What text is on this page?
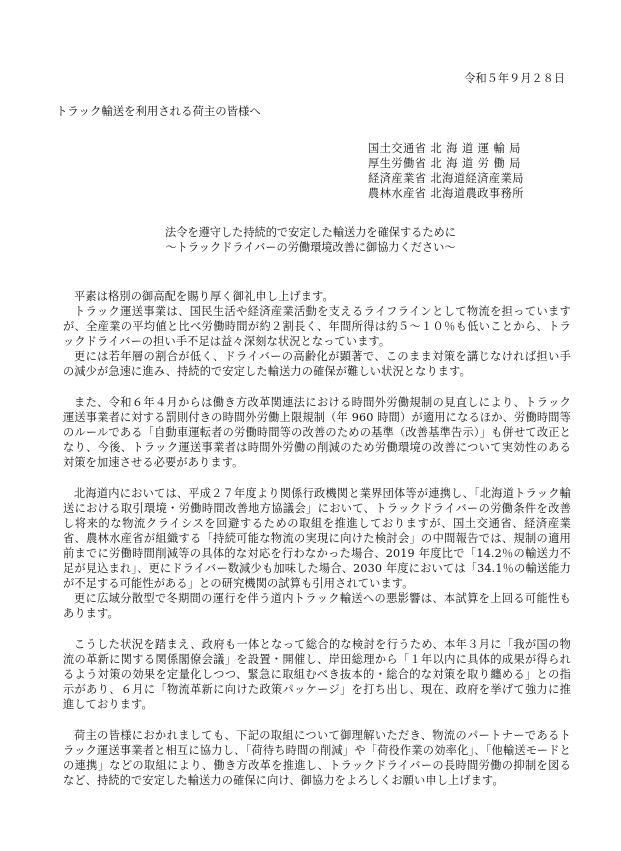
令和５年９月２８日
トラック輸送を利用される荷主の皆様へ
国土交通省 北 海 道 運 輸 局
厚生労働省 北 海 道 労 働 局
経済産業省 北海道経済産業局
農林水産省 北海道農政事務所
法令を遵守した持続的で安定した輸送力を確保するために
～トラックドライバーの労働環境改善に御協力ください～

平素は格別の御高配を賜り厚く御礼申し上げます。

トラック運送事業は、国民生活や経済産業活動を支えるライフラインとして物流を担っていますが、全産業の平均値と比べ労働時間が約２割長く、年間所得は約５～１０％も低いことから、トラックドライバーの担い手不足は益々深刻な状況となっています。

更には若年層の割合が低く、ドライバーの高齢化が顕著で、このまま対策を講じなければ担い手の減少が急速に進み、持続的で安定した輸送力の確保が難しい状況となります。

また、令和６年４月からは働き方改革関連法における時間外労働規制の見直しにより、トラック運送事業者に対する罰則付きの時間外労働上限規制（年 960 時間）が適用になるほか、労働時間等のルールである「自動車運転者の労働時間等の改善のための基準（改善基準告示）」も併せて改正となり、今後、トラック運送事業者は時間外労働の削減のため労働環境の改善について実効性のある対策を加速させる必要があります。

北海道内においては、平成２７年度より関係行政機関と業界団体等が連携し、「北海道トラック輸送における取引環境・労働時間改善地方協議会」において、トラックドライバーの労働条件を改善し将来的な物流クライシスを回避するための取組を推進しておりますが、国土交通省、経済産業省、農林水産省が組織する「持続可能な物流の実現に向けた検討会」の中間報告では、規制の適用前までに労働時間削減等の具体的な対応を行わなかった場合、2019 年度比で「14.2％の輸送力不足が見込まれ」、更にドライバー数減少も加味した場合、2030 年度においては「34.1％の輸送能力が不足する可能性がある」との研究機関の試算も引用されています。

更に広域分散型で冬期間の運行を伴う道内トラック輸送への悪影響は、本試算を上回る可能性もあります。

こうした状況を踏まえ、政府も一体となって総合的な検討を行うため、本年３月に「我が国の物流の革新に関する関係閣僚会議」を設置・開催し、岸田総理から「１年以内に具体的成果が得られるよう対策の効果を定量化しつつ、緊急に取組むべき抜本的・総合的な対策を取り纏める」との指示があり、６月に「物流革新に向けた政策パッケージ」を打ち出し、現在、政府を挙げて強力に推進しております。

荷主の皆様におかれましても、下記の取組について御理解いただき、物流のパートナーであるトラック運送事業者と相互に協力し、「荷待ち時間の削減」や「荷役作業の効率化」、「他輸送モードとの連携」などの取組により、働き方改革を推進し、トラックドライバーの長時間労働の抑制を図るなど、持続的で安定した輸送力の確保に向け、御協力をよろしくお願い申し上げます。
